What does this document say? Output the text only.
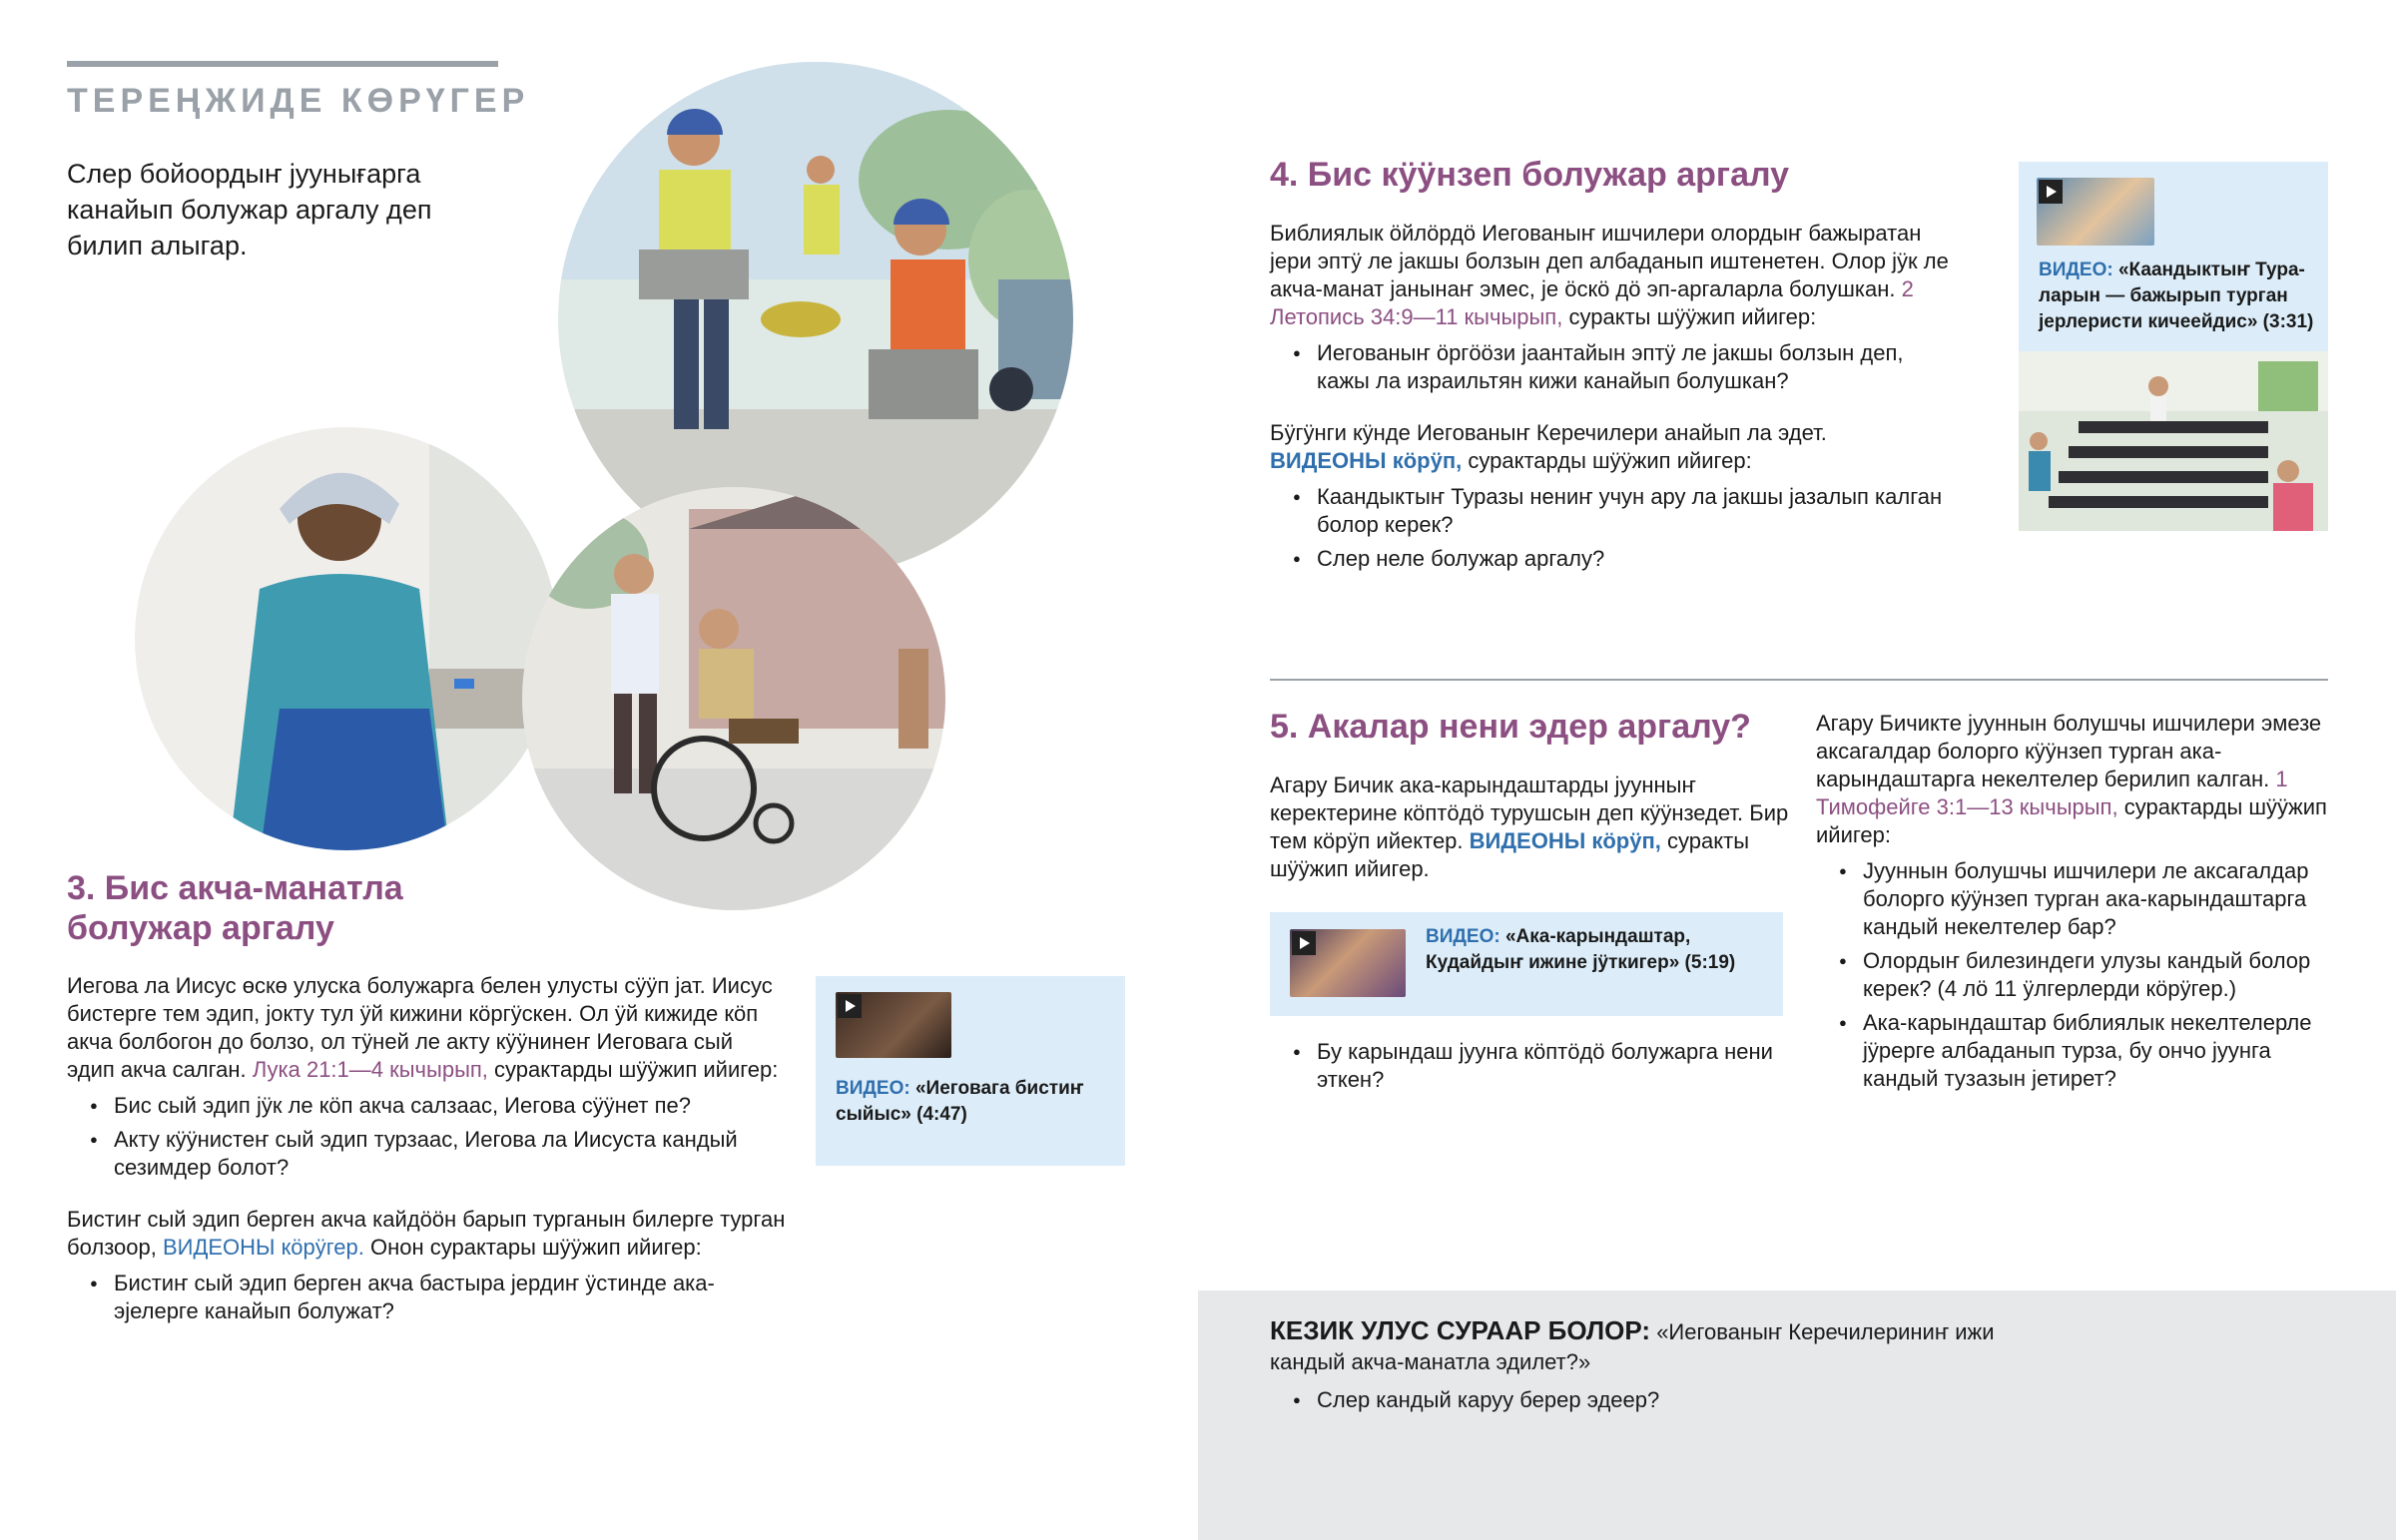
ТЕРЕҢЖИДЕ КӨРҮГЕР
Слер бойоордыҥ јуунығарга канайып болужар аргалу деп билип алыгар.
3. Бис акча-манатла
болужар аргалу
Иегова ла Иисус өскө улуска болужарга белен улусты сӱӱп јат. Иисус бистерге тем эдип, јокту тул ӱй кижини кӧргӱскен. Ол ӱй кижиде кӧп акча болбогон до болзо, ол тӱней ле акту кӱӱнинеҥ Иеговага сый эдип акча салган. Лука 21:1—4 кычырып, сурактарды шӱӱжип ийигер:
● Бис сый эдип јӱк ле кӧп акча салзаас, Иегова сӱӱнет пе?
● Акту кӱӱнистеҥ сый эдип турзаас, Иегова ла Иисуста кандый сезимдер болот?
Бистиҥ сый эдип берген акча кайдӧӧн барып турганын билерге турган болзоор, ВИДЕОНЫ кӧрӱгер. Онон сурактары шӱӱжип ийигер:
● Бистиҥ сый эдип берген акча бастыра јердиҥ ӱстинде ака-эјелерге канайып болужат?
ВИДЕО: «Иеговага бистиҥ сыйыс» (4:47)
4. Бис кӱӱнзеп болужар аргалу
Библиялык ӧйлӧрдӧ Иегованыҥ ишчилери олордыҥ бажыратан јери эптӱ ле јакшы болзын деп албаданып иштенетен. Олор јӱк ле акча-манат јанынаҥ эмес, је ӧскӧ дӧ эп-аргаларла болушкан. 2 Летопись 34:9—11 кычырып, суракты шӱӱжип ийигер:
● Иегованыҥ ӧргӧӧзи јаантайын эптӱ ле јакшы болзын деп, кажы ла израильтян кижи канайып болушкан?
Бӱгӱнги кӱнде Иегованыҥ Керечилери анайып ла эдет.
ВИДЕОНЫ кӧрӱп, сурактарды шӱӱжип ийигер:
● Каандыктыҥ Туразы нениҥ учун ару ла јакшы јазалып калган болор керек?
● Слер неле болужар аргалу?
ВИДЕО: «Каандыктыҥ Тура-
ларын — бажырып турган
јерлеристи кичеейдис» (3:31)
5. Акалар нени эдер аргалу?
Агару Бичик ака-карындаштарды јуунныҥ керектерине кӧптӧдӧ турушсын деп кӱӱнзедет. Бир тем кӧрӱп ийектер. ВИДЕОНЫ кӧрӱп, суракты шӱӱжип ийигер.
ВИДЕО: «Ака-карындаштар,
Кудайдыҥ ижине јӱткигер» (5:19)
● Бу карындаш јуунга кӧптӧдӧ болужарга нени эткен?
Агару Бичикте јууннын болушчы ишчилери эмезе аксагалдар болорго кӱӱнзеп турган ака-карындаштарга некелтелер берилип калган. 1 Тимофейге 3:1—13 кычырып, сурактарды шӱӱжип ийигер:
● Јууннын болушчы ишчилери ле аксагалдар болорго кӱӱнзеп турган ака-карындаштарга кандый некелтелер бар?
● Олордыҥ билезиндеги улузы кандый болор керек? (4 лӧ 11 ӱлгерлерди кӧрӱгер.)
● Ака-карындаштар библиялык некелтелерле јӱрерге албаданып турза, бу ончо јуунга кандый тузазын јетирет?
КЕЗИК УЛУС СУРААР БОЛОР: «Иегованыҥ Керечилериниҥ ижи кандый акча-манатла эдилет?»
● Слер кандый каруу берер эдеер?
